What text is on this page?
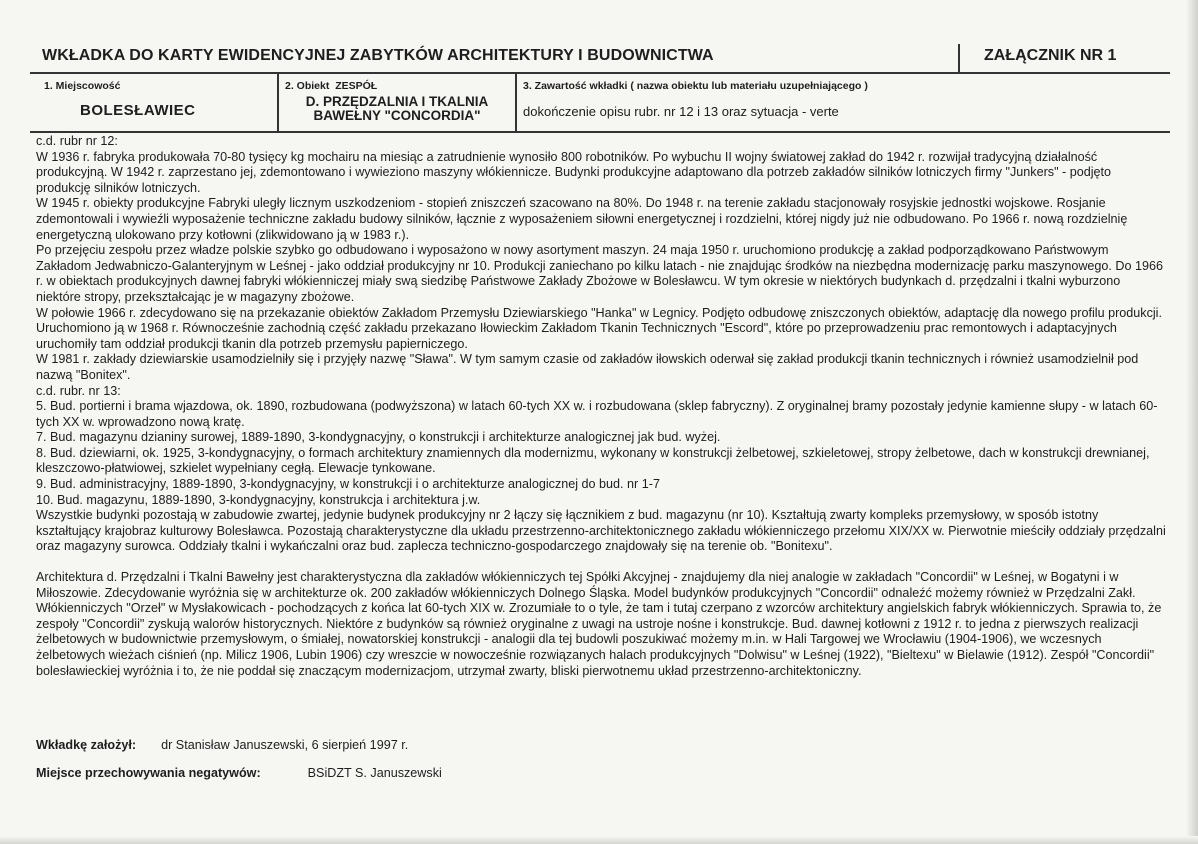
WKŁADKA DO KARTY EWIDENCYJNEJ ZABYTKÓW ARCHITEKTURY I BUDOWNICTWA	ZAŁĄCZNIK NR 1
1. Miejscowość
BOLESŁAWIEC
2. Obiekt ZESPÓŁ
D. PRZĘDZALNIA I TKALNIA
BAWEŁNY "CONCORDIA"
3. Zawartość wkładki ( nazwa obiektu lub materiału uzupełniającego )
dokończenie opisu rubr. nr 12 i 13 oraz sytuacja - verte

c.d. rubr nr 12:

W 1936 r. fabryka produkowała 70-80 tysięcy kg mochairu na miesiąc a zatrudnienie wynosiło 800 robotników. Po wybuchu II wojny światowej zakład do 1942 r. rozwijał tradycyjną działalność produkcyjną. W 1942 r. zaprzestano jej, zdemontowano i wywieziono maszyny włókiennicze. Budynki produkcyjne adaptowano dla potrzeb zakładów silników lotniczych firmy "Junkers" - podjęto produkcję silników lotniczych.

W 1945 r. obiekty produkcyjne Fabryki uległy licznym uszkodzeniom - stopień zniszczeń szacowano na 80%. Do 1948 r. na terenie zakładu stacjonowały rosyjskie jednostki wojskowe. Rosjanie zdemontowali i wywieźli wyposażenie techniczne zakładu budowy silników, łącznie z wyposażeniem siłowni energetycznej i rozdzielni, której nigdy już nie odbudowano. Po 1966 r. nową rozdzielnię energetyczną ulokowano przy kotłowni (zlikwidowano ją w 1983 r.).

Po przejęciu zespołu przez władze polskie szybko go odbudowano i wyposażono w nowy asortyment maszyn. 24 maja 1950 r. uruchomiono produkcję a zakład podporządkowano Państwowym Zakładom Jedwabniczo-Galanteryjnym w Leśnej - jako oddział produkcyjny nr 10. Produkcji zaniechano po kilku latach - nie znajdując środków na niezbędna modernizację parku maszynowego. Do 1966 r. w obiektach produkcyjnych dawnej fabryki włókienniczej miały swą siedzibę Państwowe Zakłady Zbożowe w Bolesławcu. W tym okresie w niektórych budynkach d. przędzalni i tkalni wyburzono niektóre stropy, przekształcając je w magazyny zbożowe.

W połowie 1966 r. zdecydowano się na przekazanie obiektów Zakładom Przemysłu Dziewiarskiego "Hanka" w Legnicy. Podjęto odbudowę zniszczonych obiektów, adaptację dla nowego profilu produkcji. Uruchomiono ją w 1968 r. Równocześnie zachodnią część zakładu przekazano Iłowieckim Zakładom Tkanin Technicznych "Escord", które po przeprowadzeniu prac remontowych i adaptacyjnych uruchomiły tam oddział produkcji tkanin dla potrzeb przemysłu papierniczego.

W 1981 r. zakłady dziewiarskie usamodzielniły się i przyjęły nazwę "Sława". W tym samym czasie od zakładów iłowskich oderwał się zakład produkcji tkanin technicznych i również usamodzielnił pod nazwą "Bonitex".

c.d. rubr. nr 13:

5. Bud. portierni i brama wjazdowa, ok. 1890, rozbudowana (podwyższona) w latach 60-tych XX w. i rozbudowana (sklep fabryczny). Z oryginalnej bramy pozostały jedynie kamienne słupy - w latach 60-tych XX w. wprowadzono nową kratę.

7. Bud. magazynu dzianiny surowej, 1889-1890, 3-kondygnacyjny, o konstrukcji i architekturze analogicznej jak bud. wyżej.

8. Bud. dziewiarni, ok. 1925, 3-kondygnacyjny, o formach architektury znamiennych dla modernizmu, wykonany w konstrukcji żelbetowej, szkieletowej, stropy żelbetowe, dach w konstrukcji drewnianej, kleszczowo-płatwiowej, szkielet wypełniany cegłą. Elewacje tynkowane.

9. Bud. administracyjny, 1889-1890, 3-kondygnacyjny, w konstrukcji i o architekturze analogicznej do bud. nr 1-7

10. Bud. magazynu, 1889-1890, 3-kondygnacyjny, konstrukcja i architektura j.w.

Wszystkie budynki pozostają w zabudowie zwartej, jedynie budynek produkcyjny nr 2 łączy się łącznikiem z bud. magazynu (nr 10). Kształtują zwarty kompleks przemysłowy, w sposób istotny kształtujący krajobraz kulturowy Bolesławca. Pozostają charakterystyczne dla układu przestrzenno-architektonicznego zakładu włókienniczego przełomu XIX/XX w. Pierwotnie mieściły oddziały przędzalni oraz magazyny surowca. Oddziały tkalni i wykańczalni oraz bud. zaplecza techniczno-gospodarczego znajdowały się na terenie ob. "Bonitexu".

Architektura d. Przędzalni i Tkalni Bawełny jest charakterystyczna dla zakładów włókienniczych tej Spółki Akcyjnej - znajdujemy dla niej analogie w zakładach "Concordii" w Leśnej, w Bogatyni i w Miłoszowie. Zdecydowanie wyróżnia się w architekturze ok. 200 zakładów włókienniczych Dolnego Śląska. Model budynków produkcyjnych "Concordii" odnaleźć możemy również w Przędzalni Zakł. Włókienniczych "Orzeł" w Mysłakowicach - pochodzących z końca lat 60-tych XIX w. Zrozumiałe to o tyle, że tam i tutaj czerpano z wzorców architektury angielskich fabryk włókienniczych. Sprawia to, że zespoły "Concordii" zyskują walorów historycznych. Niektóre z budynków są również oryginalne z uwagi na ustroje nośne i konstrukcje. Bud. dawnej kotłowni z 1912 r. to jedna z pierwszych realizacji żelbetowych w budownictwie przemysłowym, o śmiałej, nowatorskiej konstrukcji - analogii dla tej budowli poszukiwać możemy m.in. w Hali Targowej we Wrocławiu (1904-1906), we wczesnych żelbetowych wieżach ciśnień (np. Milicz 1906, Lubin 1906) czy wreszcie w nowocześnie rozwiązanych halach produkcyjnych "Dolwisu" w Leśnej (1922), "Bieltexu" w Bielawie (1912). Zespół "Concordii" bolesławieckiej wyróżnia i to, że nie poddał się znaczącym modernizacjom, utrzymał zwarty, bliski pierwotnemu układ przestrzenno-architektoniczny.

Wkładkę założył: dr Stanisław Januszewski, 6 sierpień 1997 r.
Miejsce przechowywania negatywów:	BSiDZT S. Januszewski
